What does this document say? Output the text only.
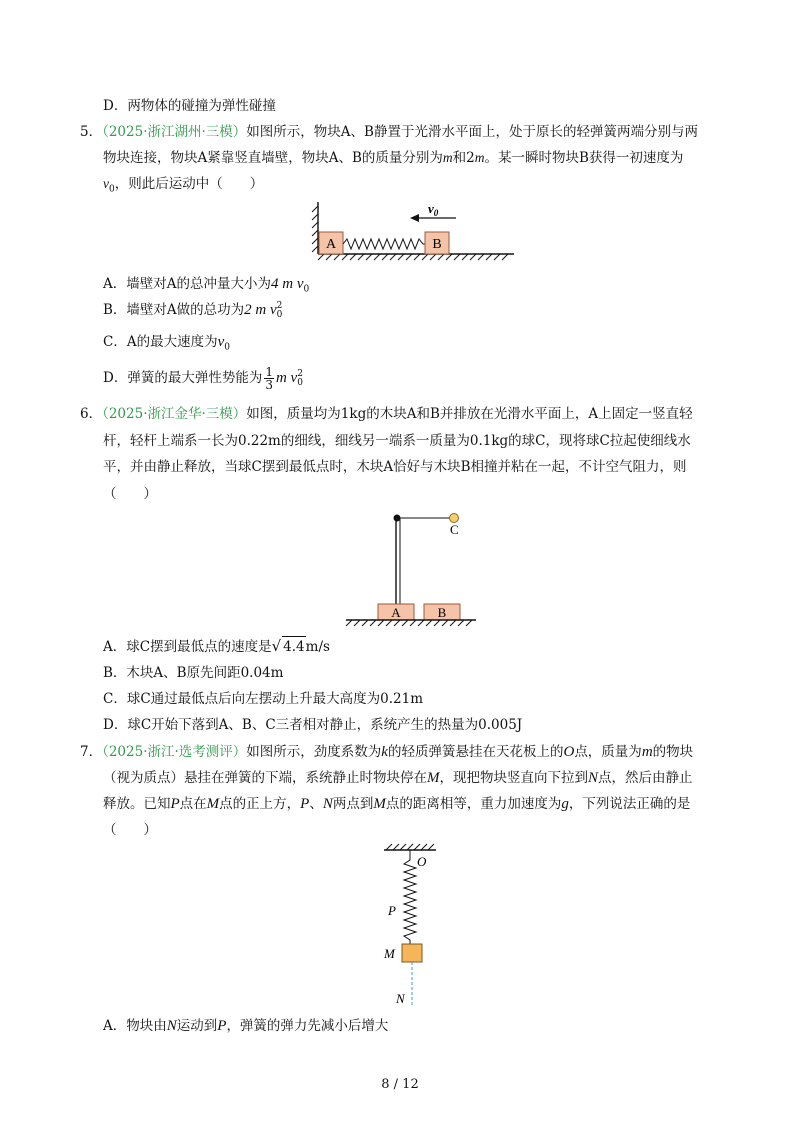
D．两物体的碰撞为弹性碰撞
5．（2025·浙江湖州·三模）如图所示，物块A、B静置于光滑水平面上，处于原长的轻弹簧两端分别与两
物块连接，物块A紧靠竖直墙壁，物块A、B的质量分别为m和2m。某一瞬时物块B获得一初速度为
$v_0$，则此后运动中（　　）
A	B
$v_0$
A．墙壁对A的总冲量大小为4 m $v_0$
B．墙壁对A做的总功为2 m v 2
0
C．A的最大速度为$v_0$
D．弹簧的最大弹性势能为 $\frac{1}{3}$ m v 2
0
6．（2025·浙江金华·三模）如图，质量均为1kg的木块A和B并排放在光滑水平面上，A上固定一竖直轻
杆，轻杆上端系一长为0.22m的细线，细线另一端系一质量为0.1kg的球C，现将球C拉起使细线水
平，并由静止释放，当球C摆到最低点时，木块A恰好与木块B相撞并粘在一起，不计空气阻力，则
（　　）
C
A	B
A．球C摆到最低点的速度是√ 4.4m/s
B．木块A、B原先间距0.04m
C．球C通过最低点后向左摆动上升最大高度为0.21m
D．球C开始下落到A、B、C三者相对静止，系统产生的热量为0.005J
7．（2025·浙江·选考测评）如图所示，劲度系数为k的轻质弹簧悬挂在天花板上的O点，质量为m的物块
（视为质点）悬挂在弹簧的下端，系统静止时物块停在M，现把物块竖直向下拉到N点，然后由静止
释放。已知P点在M点的正上方，P、N两点到M点的距离相等，重力加速度为g，下列说法正确的是
（　　）
O
P
M
N
A．物块由N运动到P，弹簧的弹力先减小后增大
8 / 12
